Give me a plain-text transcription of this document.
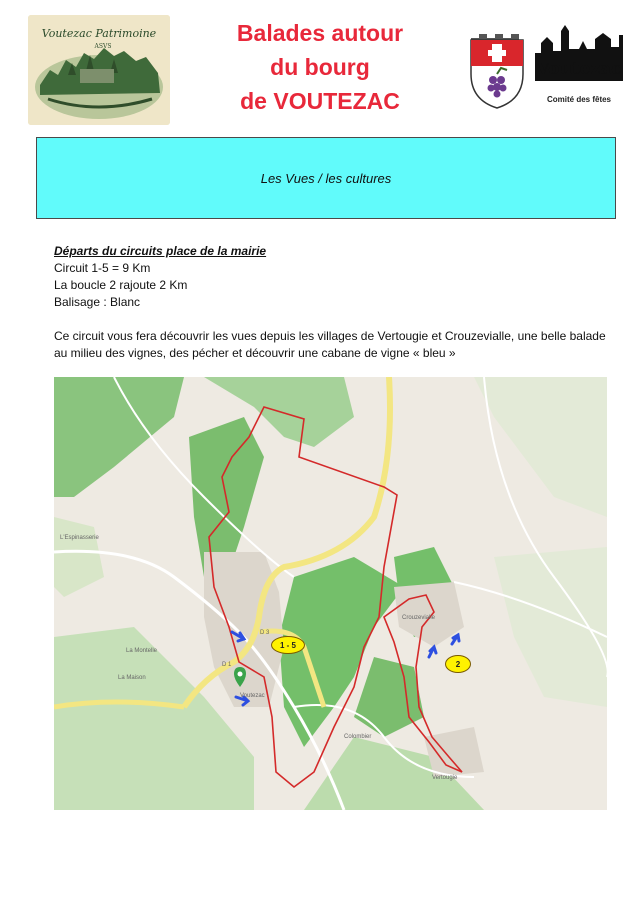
Voutezac Patrimoine
ASVS
Balades autour
du bourg
de VOUTEZAC
Voutezac
Comité des fêtes
Les Vues / les cultures

Départs du circuits place de la mairie

Circuit 1-5 = 9 Km

La boucle 2 rajoute 2 Km

Balisage : Blanc

Ce circuit vous fera découvrir les vues depuis les villages de Vertougie et Crouzevialle, une belle balade au milieu des vignes, des pécher et découvrir une cabane de vigne « bleu »

L'Espinasserie
La Montelle
La Maison
Voutezac
Crouzevialle
D 3
D 1
Vertougie
Colombier
1 - 5
2
